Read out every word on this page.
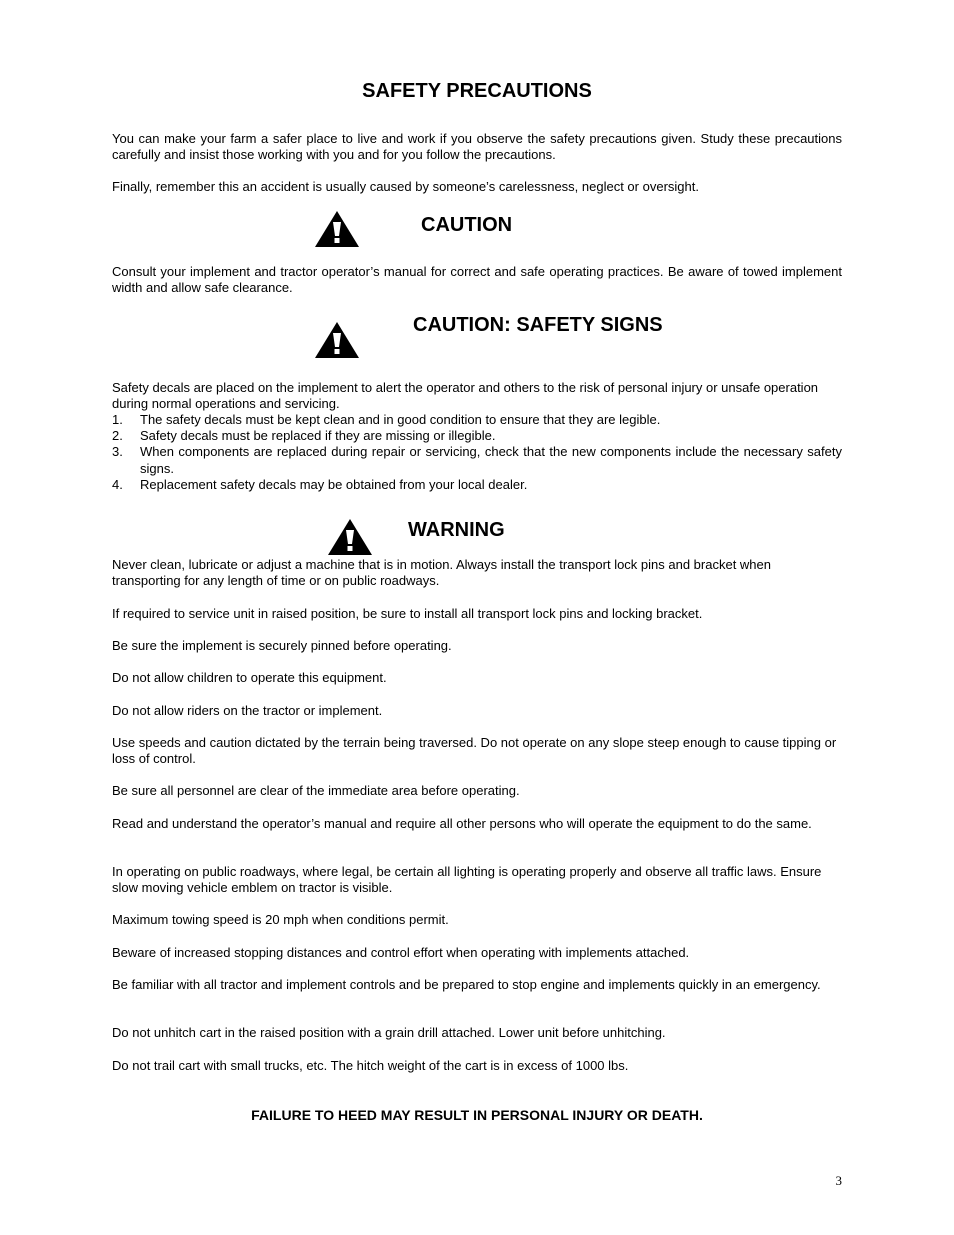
SAFETY PRECAUTIONS

You can make your farm a safer place to live and work if you observe the safety precautions given. Study these precautions carefully and insist those working with you and for you follow the precautions.

Finally, remember this an accident is usually caused by someone’s carelessness, neglect or oversight.

CAUTION

Consult your implement and tractor operator’s manual for correct and safe operating practices. Be aware of towed implement width and allow safe clearance.

CAUTION: SAFETY SIGNS

Safety decals are placed on the implement to alert the operator and others to the risk of personal injury or unsafe operation during normal operations and servicing.

1. The safety decals must be kept clean and in good condition to ensure that they are legible.
2. Safety decals must be replaced if they are missing or illegible.
3. When components are replaced during repair or servicing, check that the new components include the necessary safety signs.
4. Replacement safety decals may be obtained from your local dealer.
WARNING

Never clean, lubricate or adjust a machine that is in motion. Always install the transport lock pins and bracket when transporting for any length of time or on public roadways.

If required to service unit in raised position, be sure to install all transport lock pins and locking bracket.

Be sure the implement is securely pinned before operating.

Do not allow children to operate this equipment.

Do not allow riders on the tractor or implement.

Use speeds and caution dictated by the terrain being traversed. Do not operate on any slope steep enough to cause tipping or loss of control.

Be sure all personnel are clear of the immediate area before operating.

Read and understand the operator’s manual and require all other persons who will operate the equipment to do the same.

In operating on public roadways, where legal, be certain all lighting is operating properly and observe all traffic laws. Ensure slow moving vehicle emblem on tractor is visible.

Maximum towing speed is 20 mph when conditions permit.

Beware of increased stopping distances and control effort when operating with implements attached.

Be familiar with all tractor and implement controls and be prepared to stop engine and implements quickly in an emergency.

Do not unhitch cart in the raised position with a grain drill attached. Lower unit before unhitching.

Do not trail cart with small trucks, etc. The hitch weight of the cart is in excess of 1000 lbs.

FAILURE TO HEED MAY RESULT IN PERSONAL INJURY OR DEATH.

3
